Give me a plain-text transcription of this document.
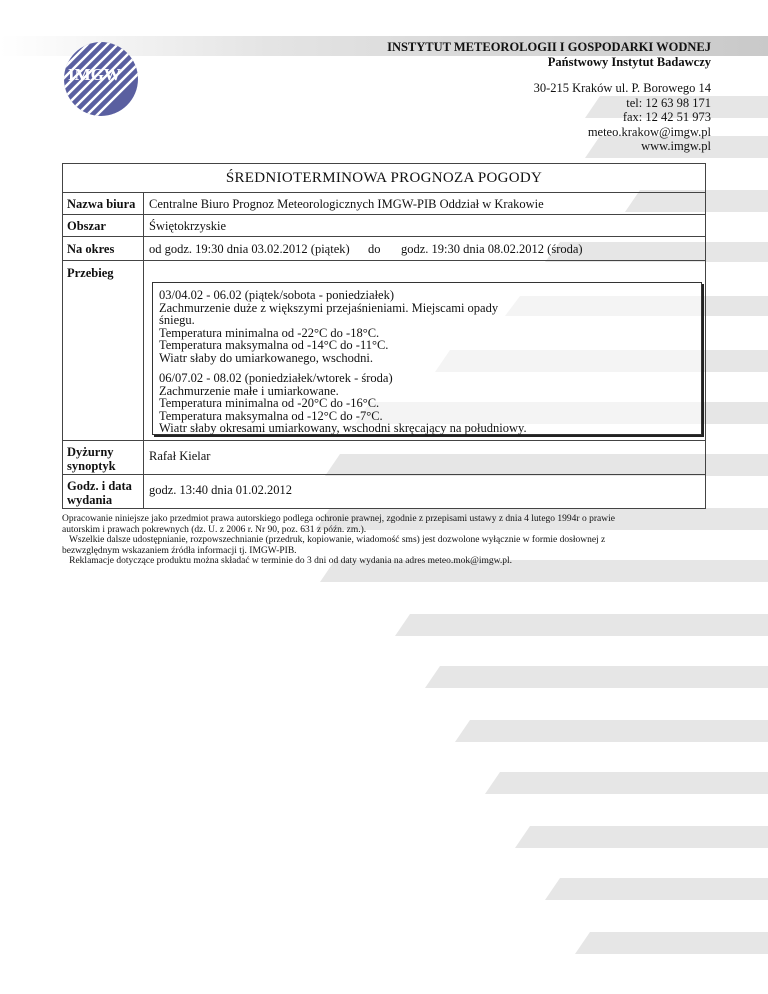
IMGW
INSTYTUT METEOROLOGII I GOSPODARKI WODNEJ
Państwowy Instytut Badawczy
30-215 Kraków ul. P. Borowego 14
tel: 12 63 98 171
fax: 12 42 51 973
meteo.krakow@imgw.pl
www.imgw.pl
ŚREDNIOTERMINOWA PROGNOZA POGODY
Nazwa biura Centralne Biuro Prognoz Meteorologicznych IMGW-PIB Oddział w Krakowie
Obszar	Świętokrzyskie
Na okres	od godz. 19:30 dnia 03.02.2012 (piątek) do godz. 19:30 dnia 08.02.2012 (środa)
Przebieg
03/04.02 - 06.02 (piątek/sobota - poniedziałek)
Zachmurzenie duże z większymi przejaśnieniami. Miejscami opady
śniegu.
Temperatura minimalna od -22°C do -18°C.
Temperatura maksymalna od -14°C do -11°C.
Wiatr słaby do umiarkowanego, wschodni.
06/07.02 - 08.02 (poniedziałek/wtorek - środa)
Zachmurzenie małe i umiarkowane.
Temperatura minimalna od -20°C do -16°C.
Temperatura maksymalna od -12°C do -7°C.
Wiatr słaby okresami umiarkowany, wschodni skręcający na południowy.
Dyżurny
synoptyk
Rafał Kielar
Godz. i data
wydania
godz. 13:40 dnia 01.02.2012
Opracowanie niniejsze jako przedmiot prawa autorskiego podlega ochronie prawnej, zgodnie z przepisami ustawy z dnia 4 lutego 1994r o prawie
autorskim i prawach pokrewnych (dz. U. z 2006 r. Nr 90, poz. 631 z późn. zm.).
Wszelkie dalsze udostępnianie, rozpowszechnianie (przedruk, kopiowanie, wiadomość sms) jest dozwolone wyłącznie w formie dosłownej z
bezwzględnym wskazaniem źródła informacji tj. IMGW-PIB.
Reklamacje dotyczące produktu można składać w terminie do 3 dni od daty wydania na adres meteo.mok@imgw.pl.
